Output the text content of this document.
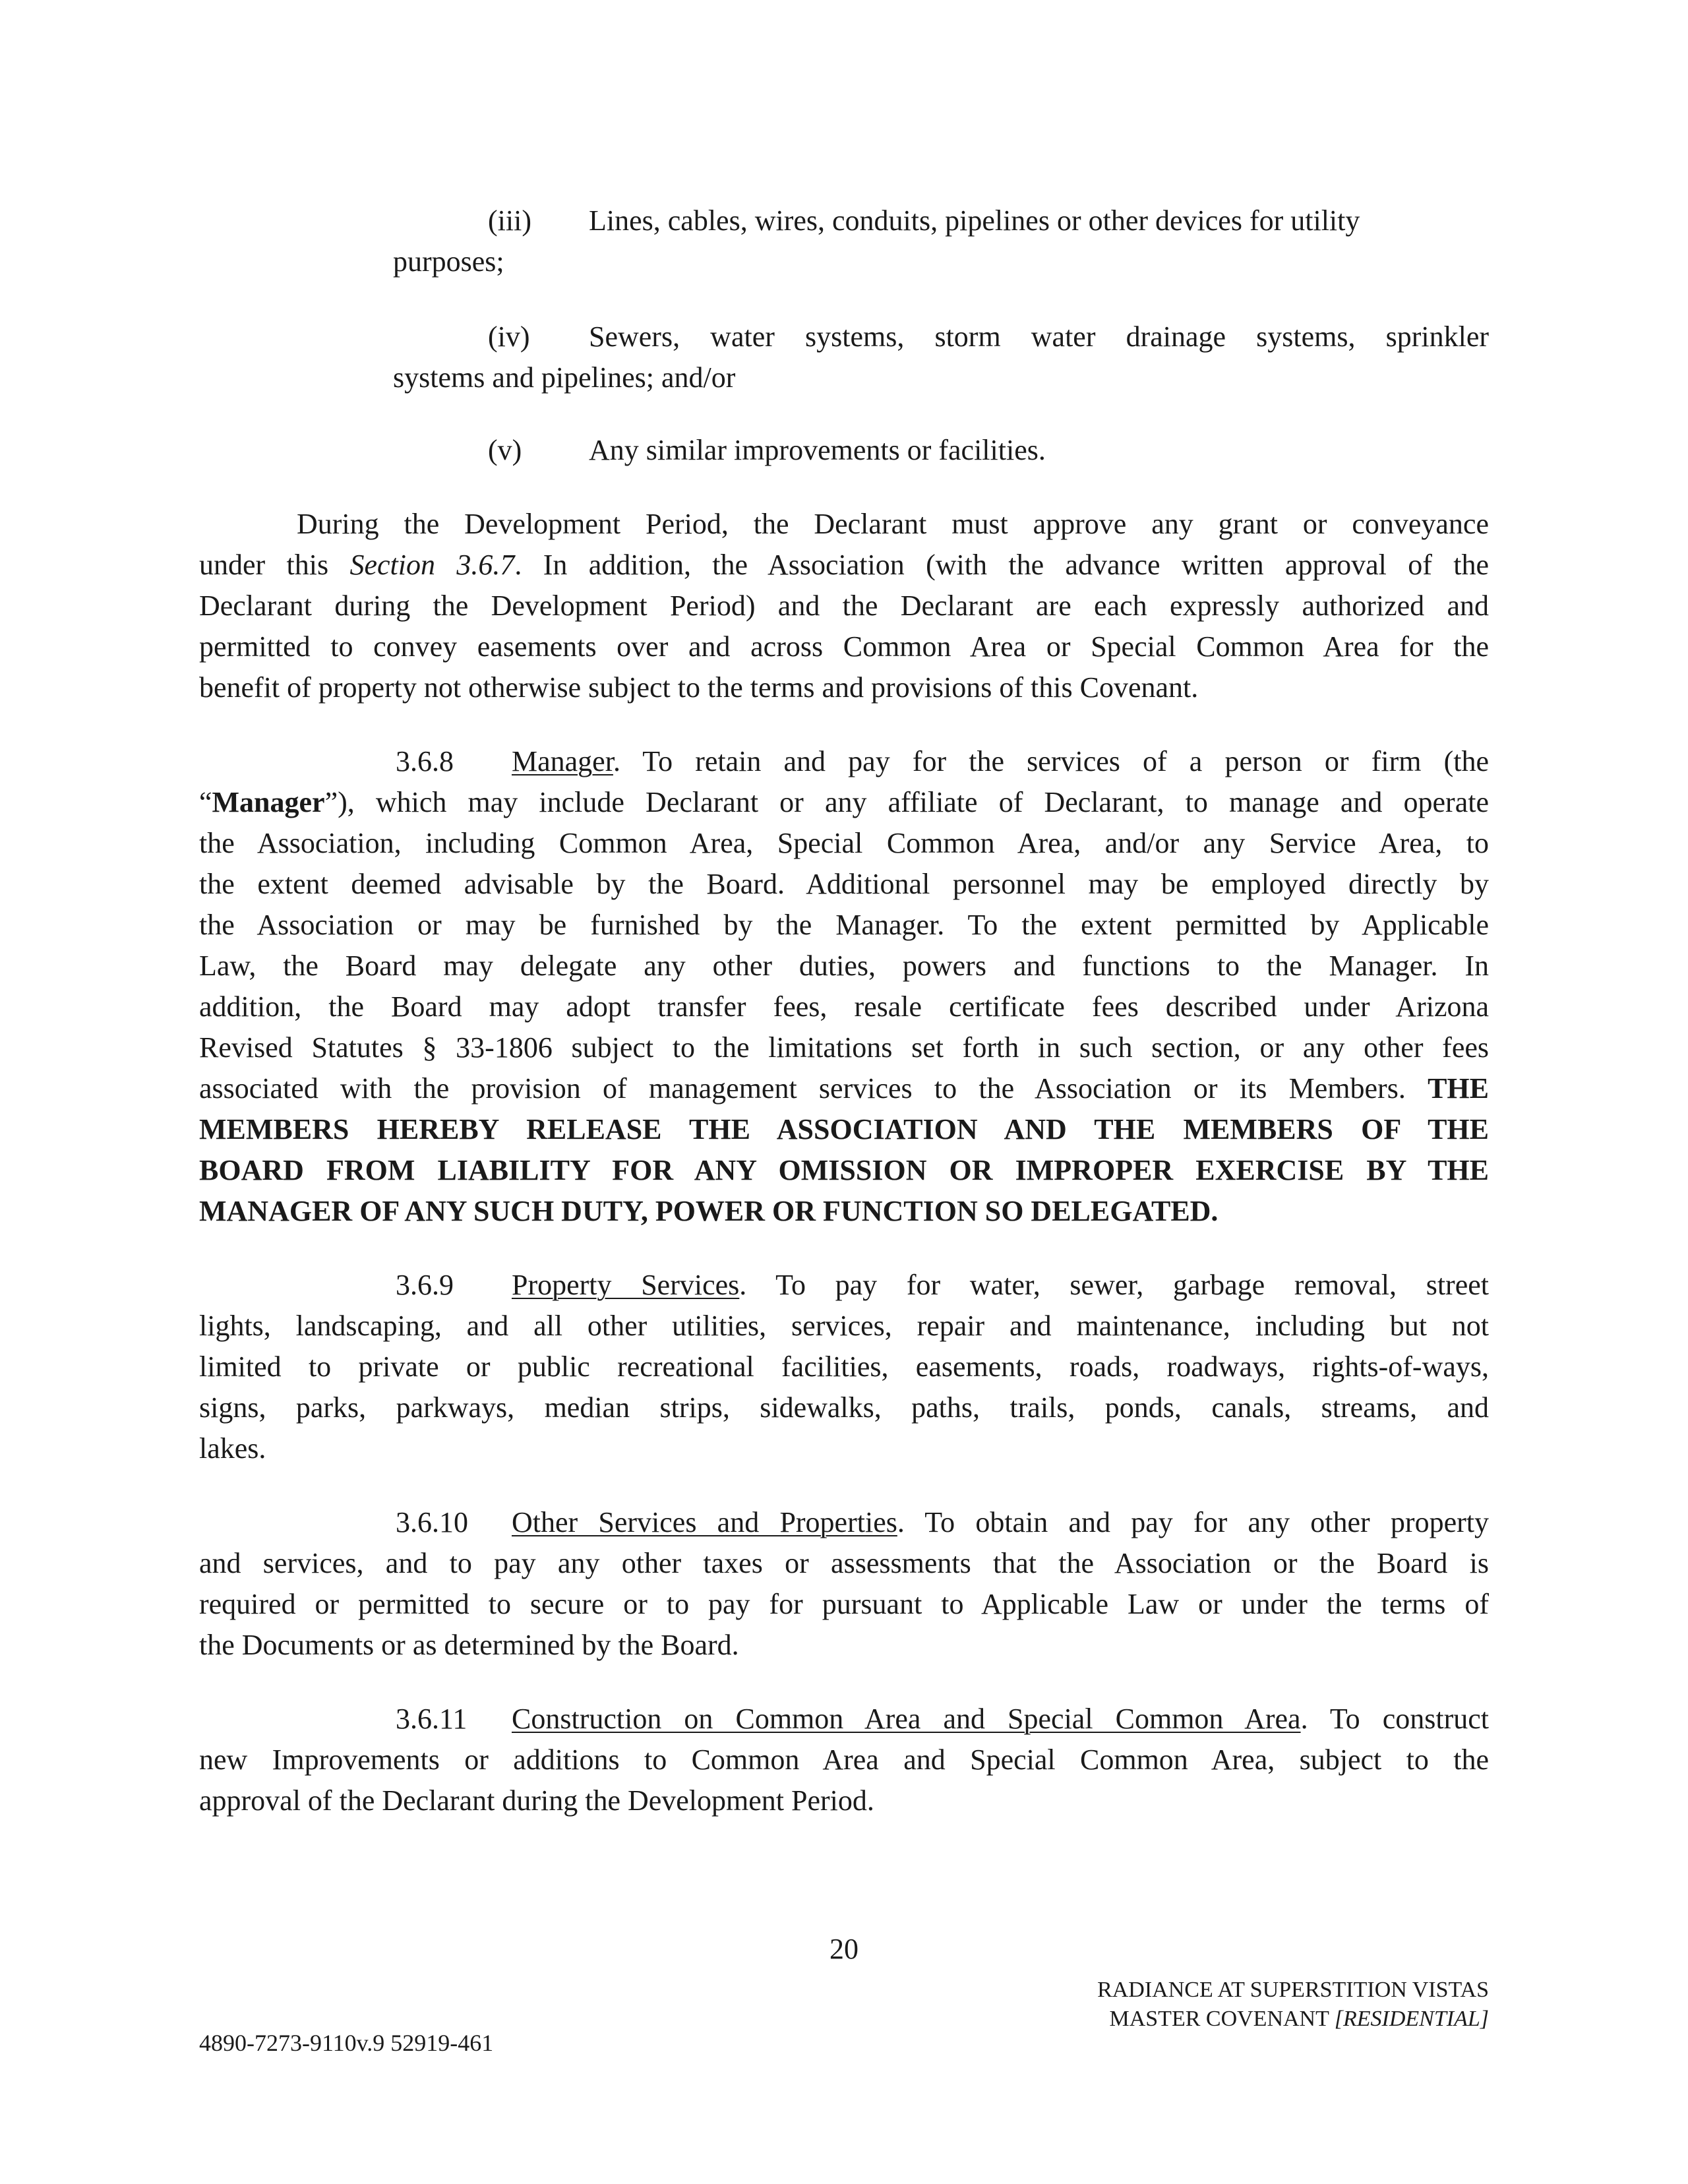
(iii) Lines, cables, wires, conduits, pipelines or other devices for utility

purposes;

(iv) Sewers, water systems, storm water drainage systems, sprinkler

systems and pipelines; and/or

(v) Any similar improvements or facilities.

During the Development Period, the Declarant must approve any grant or conveyance

under this Section 3.6.7. In addition, the Association (with the advance written approval of the

Declarant during the Development Period) and the Declarant are each expressly authorized and

permitted to convey easements over and across Common Area or Special Common Area for the

benefit of property not otherwise subject to the terms and provisions of this Covenant.

3.6.8 Manager. To retain and pay for the services of a person or firm (the

“Manager”), which may include Declarant or any affiliate of Declarant, to manage and operate

the Association, including Common Area, Special Common Area, and/or any Service Area, to

the extent deemed advisable by the Board. Additional personnel may be employed directly by

the Association or may be furnished by the Manager. To the extent permitted by Applicable

Law, the Board may delegate any other duties, powers and functions to the Manager. In

addition, the Board may adopt transfer fees, resale certificate fees described under Arizona

Revised Statutes § 33-1806 subject to the limitations set forth in such section, or any other fees

associated with the provision of management services to the Association or its Members. THE

MEMBERS HEREBY RELEASE THE ASSOCIATION AND THE MEMBERS OF THE

BOARD FROM LIABILITY FOR ANY OMISSION OR IMPROPER EXERCISE BY THE

MANAGER OF ANY SUCH DUTY, POWER OR FUNCTION SO DELEGATED.

3.6.9 Property Services. To pay for water, sewer, garbage removal, street

lights, landscaping, and all other utilities, services, repair and maintenance, including but not

limited to private or public recreational facilities, easements, roads, roadways, rights-of-ways,

signs, parks, parkways, median strips, sidewalks, paths, trails, ponds, canals, streams, and

lakes.

3.6.10 Other Services and Properties. To obtain and pay for any other property

and services, and to pay any other taxes or assessments that the Association or the Board is

required or permitted to secure or to pay for pursuant to Applicable Law or under the terms of

the Documents or as determined by the Board.

3.6.11 Construction on Common Area and Special Common Area. To construct

new Improvements or additions to Common Area and Special Common Area, subject to the

approval of the Declarant during the Development Period.

20
RADIANCE AT SUPERSTITION VISTAS
MASTER COVENANT [RESIDENTIAL]
4890-7273-9110v.9 52919-461
